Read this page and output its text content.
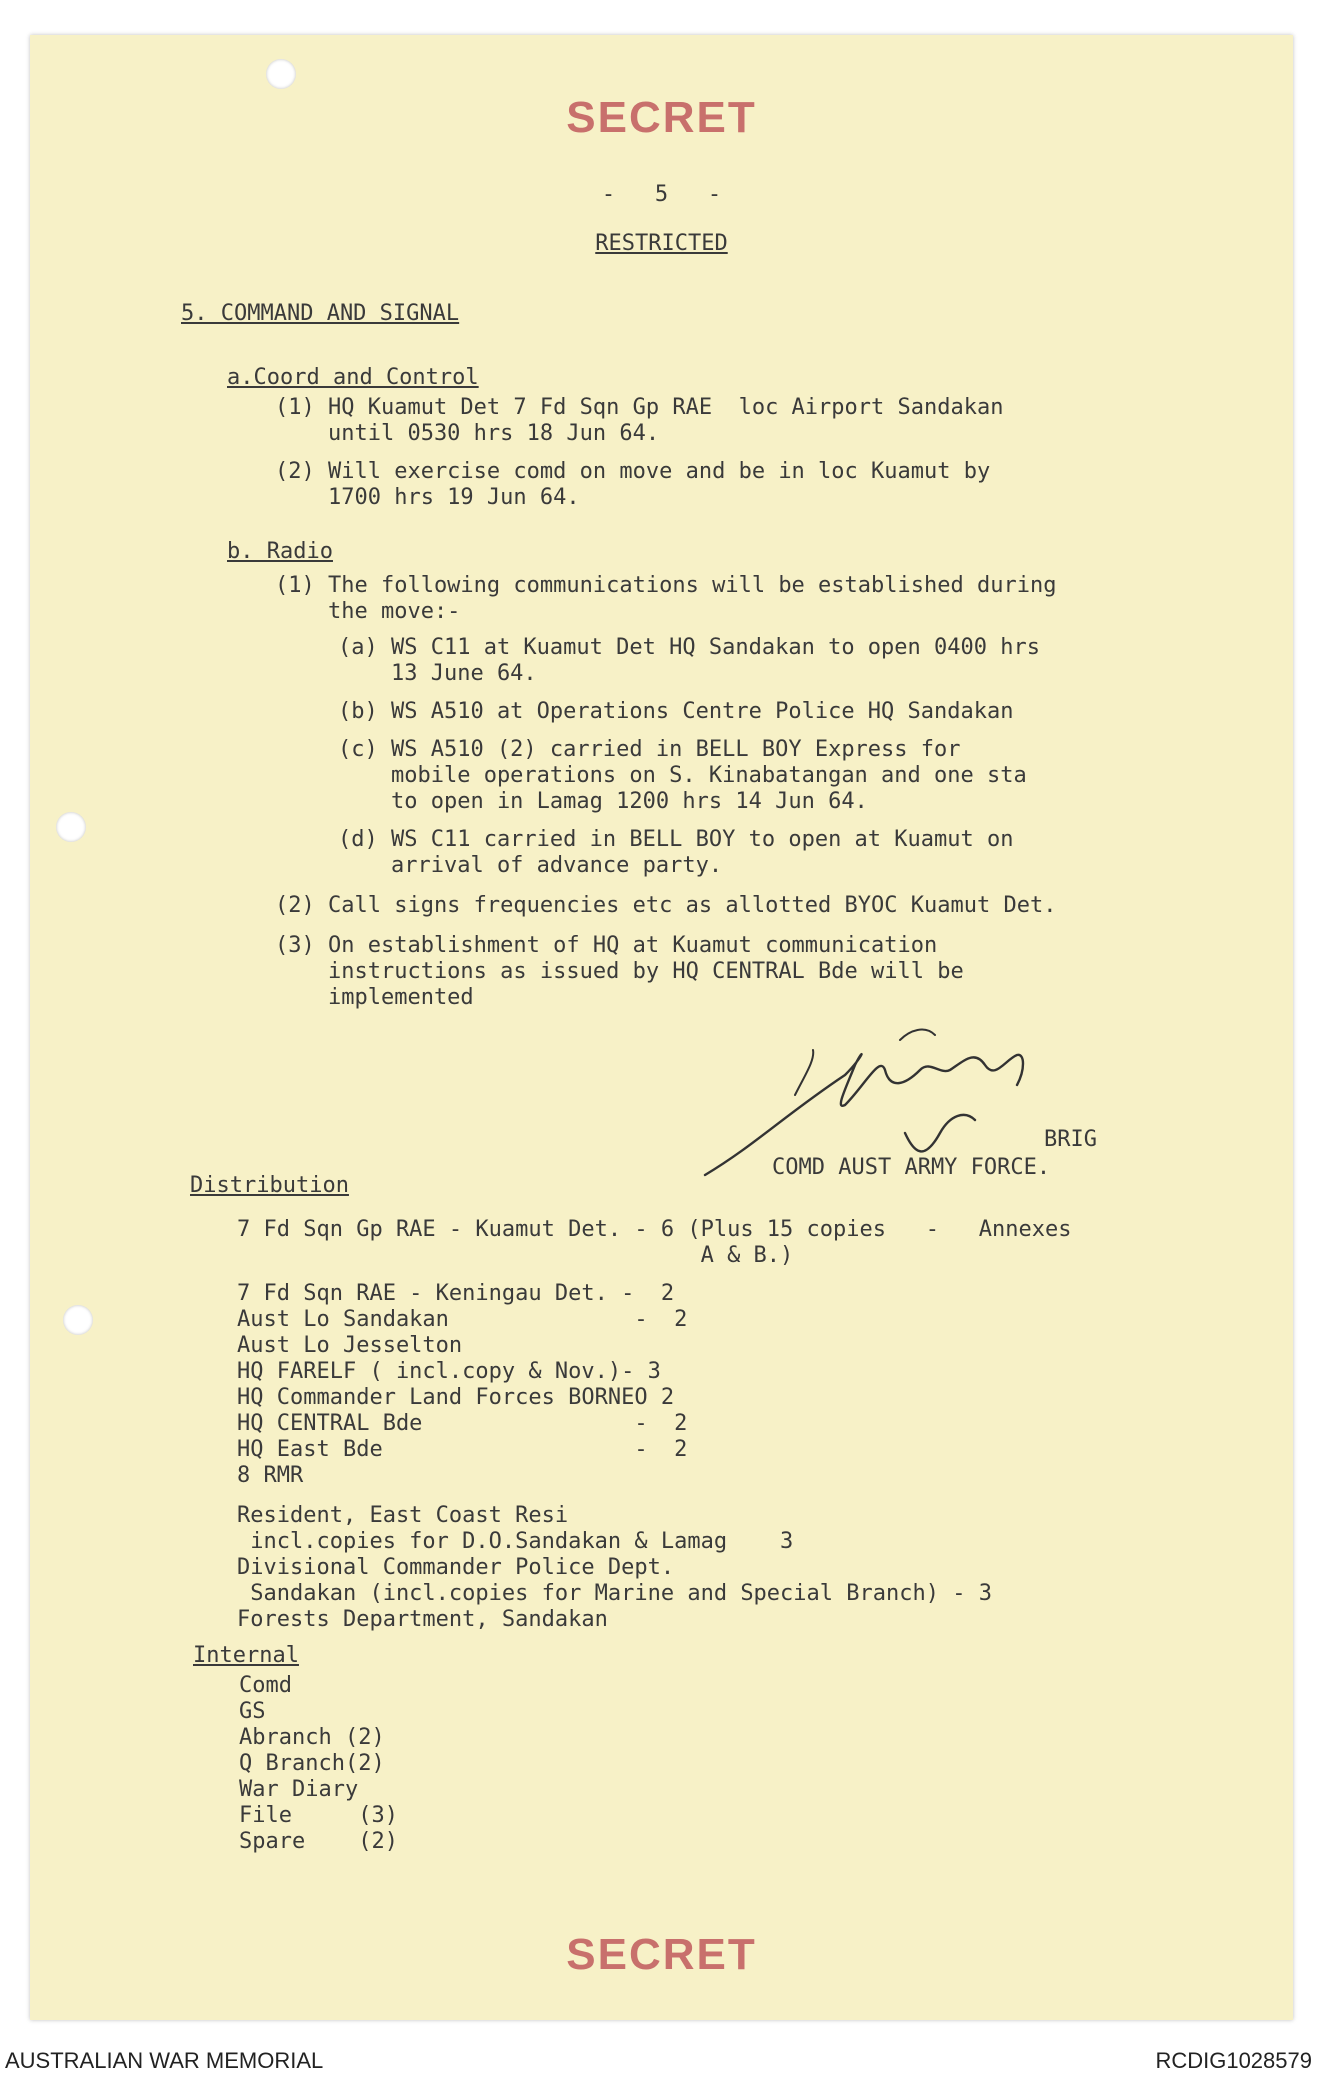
SECRET
-   5   -
RESTRICTED
5. COMMAND AND SIGNAL
a.Coord and Control
(1) HQ Kuamut Det 7 Fd Sqn Gp RAE  loc Airport Sandakan
until 0530 hrs 18 Jun 64.
(2) Will exercise comd on move and be in loc Kuamut by
1700 hrs 19 Jun 64.
b. Radio
(1) The following communications will be established during
the move:-
(a) WS C11 at Kuamut Det HQ Sandakan to open 0400 hrs
13 June 64.
(b) WS A510 at Operations Centre Police HQ Sandakan
(c) WS A510 (2) carried in BELL BOY Express for
mobile operations on S. Kinabatangan and one sta
to open in Lamag 1200 hrs 14 Jun 64.
(d) WS C11 carried in BELL BOY to open at Kuamut on
arrival of advance party.
(2) Call signs frequencies etc as allotted BYOC Kuamut Det.
(3) On establishment of HQ at Kuamut communication
instructions as issued by HQ CENTRAL Bde will be
implemented
BRIG
COMD AUST ARMY FORCE.
Distribution
7 Fd Sqn Gp RAE - Kuamut Det. - 6 (Plus 15 copies   -   Annexes
A & B.)
7 Fd Sqn RAE - Keningau Det. -  2
Aust Lo Sandakan              -  2
Aust Lo Jesselton
HQ FARELF ( incl.copy & Nov.)- 3
HQ Commander Land Forces BORNEO 2
HQ CENTRAL Bde                -  2
HQ East Bde                   -  2
8 RMR
Resident, East Coast Resi
incl.copies for D.O.Sandakan & Lamag    3
Divisional Commander Police Dept.
Sandakan (incl.copies for Marine and Special Branch) - 3
Forests Department, Sandakan
Internal
Comd
GS
Abranch (2)
Q Branch(2)
War Diary
File     (3)
Spare    (2)
SECRET
AUSTRALIAN WAR MEMORIAL	RCDIG1028579
